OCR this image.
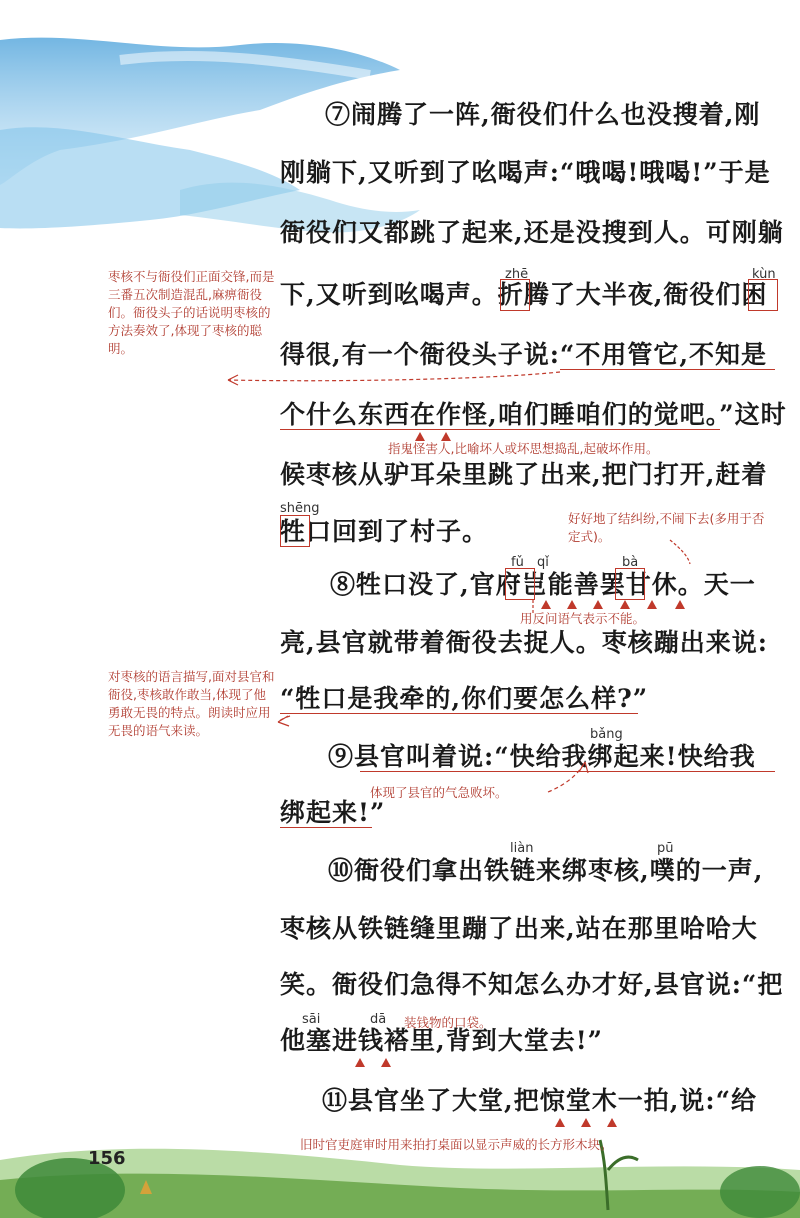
156
⑦闹腾了一阵,衙役们什么也没搜着,刚
刚躺下,又听到了吆喝声:“哦喝!哦喝!”于是
衙役们又都跳了起来,还是没搜到人。可刚躺
下,又听到吆喝声。折腾了大半夜,衙役们困
得很,有一个衙役头子说:“不用管它,不知是
个什么东西在作怪,咱们睡咱们的觉吧。”这时
候枣核从驴耳朵里跳了出来,把门打开,赶着
牲口回到了村子。
⑧牲口没了,官府岂能善罢甘休。天一
亮,县官就带着衙役去捉人。枣核蹦出来说:
“牲口是我牵的,你们要怎么样?”
⑨县官叫着说:“快给我绑起来!快给我
绑起来!”
⑩衙役们拿出铁链来绑枣核,噗的一声,
枣核从铁链缝里蹦了出来,站在那里哈哈大
笑。衙役们急得不知怎么办才好,县官说:“把
他塞进钱褡里,背到大堂去!”
⑪县官坐了大堂,把惊堂木一拍,说:“给
zhē	kùn
shēng
fǔ qǐ	bà
bǎng
liàn	pū
sāi	dā
枣核不与衙役们正面交锋,而是三番五次制造混乱,麻痹衙役们。衙役头子的话说明枣核的方法奏效了,体现了枣核的聪明。
对枣核的语言描写,面对县官和衙役,枣核敢作敢当,体现了他勇敢无畏的特点。朗读时应用无畏的语气来读。
指鬼怪害人,比喻坏人或坏思想捣乱,起破坏作用。
好好地了结纠纷,不闹下去(多用于否定式)。
用反问语气表示不能。
体现了县官的气急败坏。
装钱物的口袋。
旧时官吏庭审时用来拍打桌面以显示声威的长方形木块。
